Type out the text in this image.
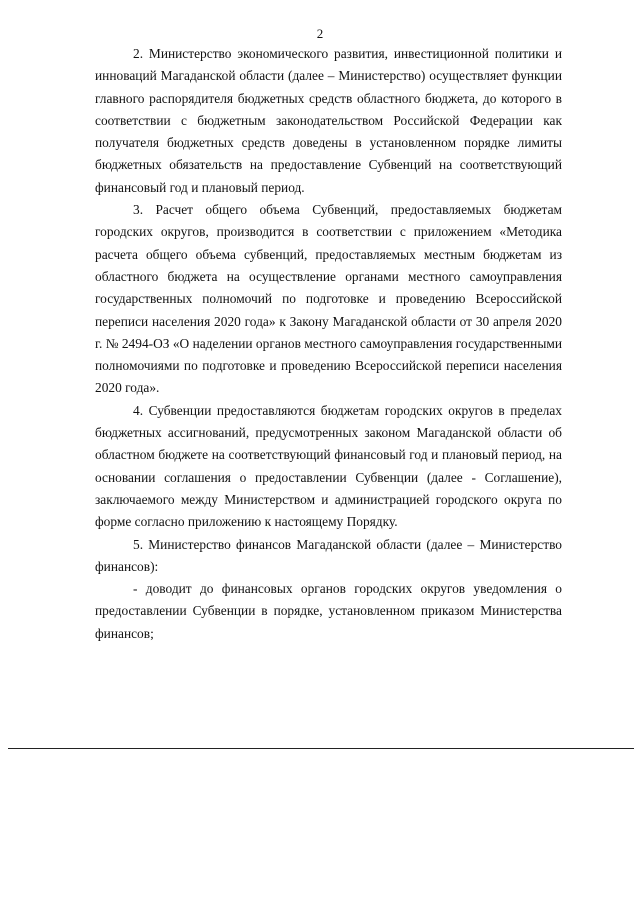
2

2. Министерство экономического развития, инвестиционной политики и инноваций Магаданской области (далее – Министерство) осуществляет функции главного распорядителя бюджетных средств областного бюджета, до которого в соответствии с бюджетным законодательством Российской Федерации как получателя бюджетных средств доведены в установленном порядке лимиты бюджетных обязательств на предоставление Субвенций на соответствующий финансовый год и плановый период.

3. Расчет общего объема Субвенций, предоставляемых бюджетам городских округов, производится в соответствии с приложением «Методика расчета общего объема субвенций, предоставляемых местным бюджетам из областного бюджета на осуществление органами местного самоуправления государственных полномочий по подготовке и проведению Всероссийской переписи населения 2020 года» к Закону Магаданской области от 30 апреля 2020 г. № 2494-ОЗ «О наделении органов местного самоуправления государственными полномочиями по подготовке и проведению Всероссийской переписи населения 2020 года».

4. Субвенции предоставляются бюджетам городских округов в пределах бюджетных ассигнований, предусмотренных законом Магаданской области об областном бюджете на соответствующий финансовый год и плановый период, на основании соглашения о предоставлении Субвенции (далее - Соглашение), заключаемого между Министерством и администрацией городского округа по форме согласно приложению к настоящему Порядку.

5. Министерство финансов Магаданской области (далее – Министерство финансов):

- доводит до финансовых органов городских округов уведомления о предоставлении Субвенции в порядке, установленном приказом Министерства финансов;
